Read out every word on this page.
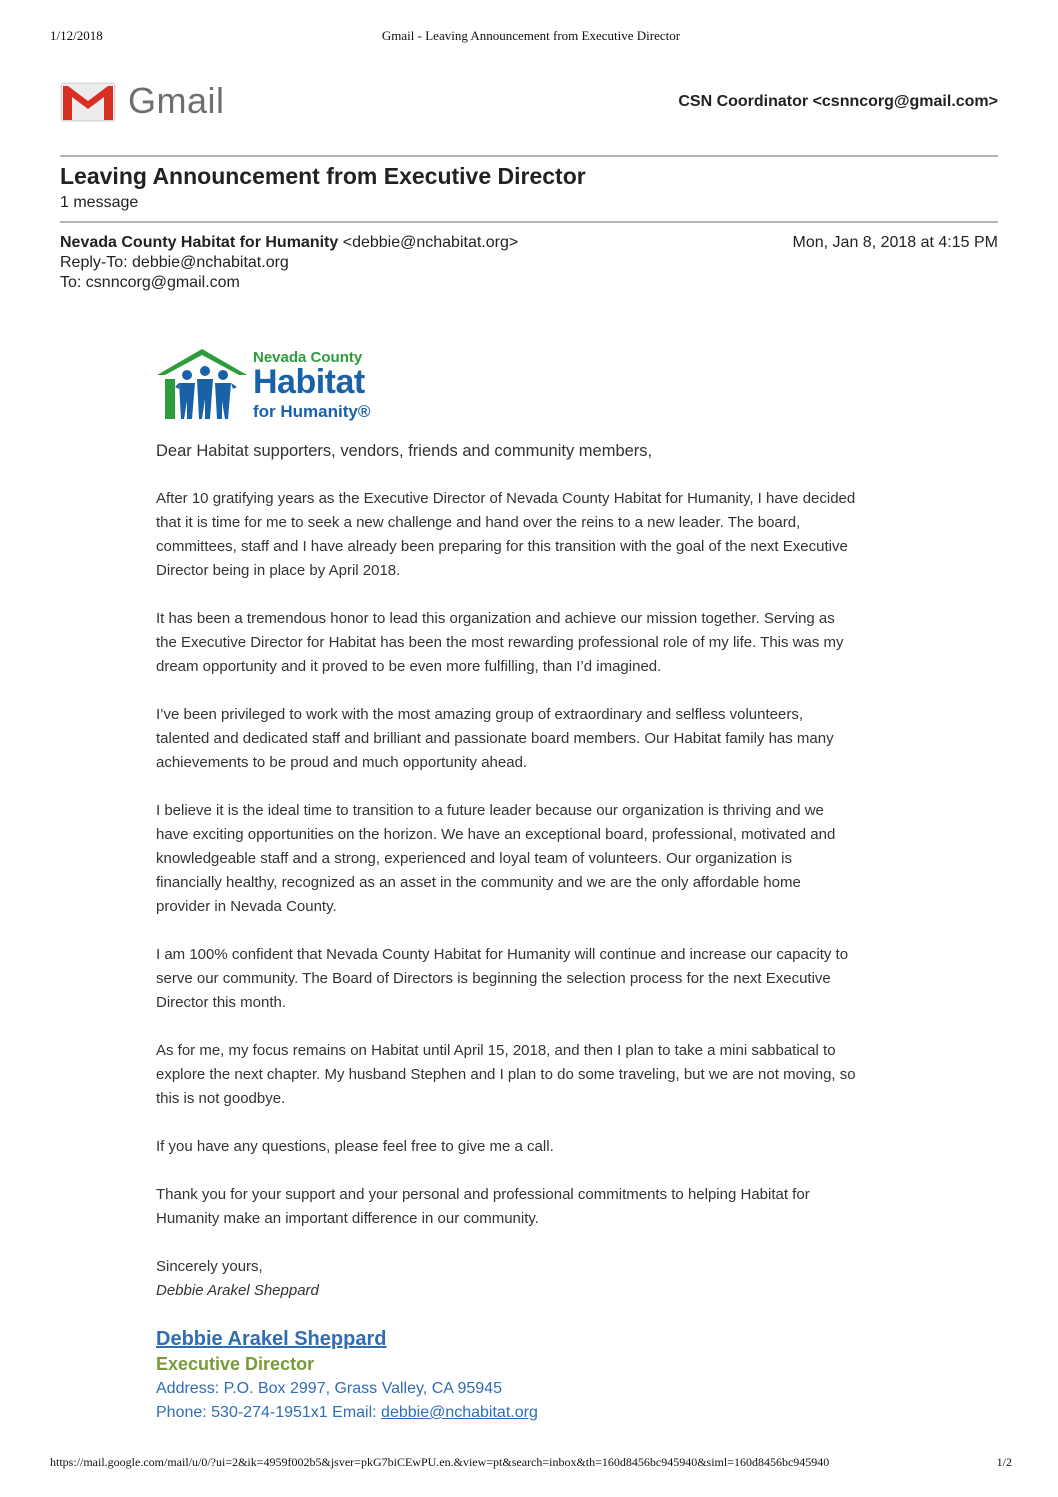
1/12/2018	Gmail - Leaving Announcement from Executive Director
Gmail	CSN Coordinator <csnncorg@gmail.com>
Leaving Announcement from Executive Director
1 message
Nevada County Habitat for Humanity <debbie@nchabitat.org>	Mon, Jan 8, 2018 at 4:15 PM
Reply-To: debbie@nchabitat.org
To: csnncorg@gmail.com
Nevada County
Habitat
for Humanity®
Dear Habitat supporters, vendors, friends and community members,
After 10 gratifying years as the Executive Director of Nevada County Habitat for Humanity, I have decided
that it is time for me to seek a new challenge and hand over the reins to a new leader. The board,
committees, staff and I have already been preparing for this transition with the goal of the next Executive
Director being in place by April 2018.
It has been a tremendous honor to lead this organization and achieve our mission together. Serving as
the Executive Director for Habitat has been the most rewarding professional role of my life. This was my
dream opportunity and it proved to be even more fulfilling, than I’d imagined.
I’ve been privileged to work with the most amazing group of extraordinary and selfless volunteers,
talented and dedicated staff and brilliant and passionate board members. Our Habitat family has many
achievements to be proud and much opportunity ahead.
I believe it is the ideal time to transition to a future leader because our organization is thriving and we
have exciting opportunities on the horizon. We have an exceptional board, professional, motivated and
knowledgeable staff and a strong, experienced and loyal team of volunteers. Our organization is
financially healthy, recognized as an asset in the community and we are the only affordable home
provider in Nevada County.
I am 100% confident that Nevada County Habitat for Humanity will continue and increase our capacity to
serve our community. The Board of Directors is beginning the selection process for the next Executive
Director this month.
As for me, my focus remains on Habitat until April 15, 2018, and then I plan to take a mini sabbatical to
explore the next chapter. My husband Stephen and I plan to do some traveling, but we are not moving, so
this is not goodbye.
If you have any questions, please feel free to give me a call.
Thank you for your support and your personal and professional commitments to helping Habitat for
Humanity make an important difference in our community.
Sincerely yours,
Debbie Arakel Sheppard
Debbie Arakel Sheppard
Executive Director
Address: P.O. Box 2997, Grass Valley, CA 95945
Phone: 530-274-1951x1 Email: debbie@nchabitat.org
https://mail.google.com/mail/u/0/?ui=2&ik=4959f002b5&jsver=pkG7biCEwPU.en.&view=pt&search=inbox&th=160d8456bc945940&siml=160d8456bc945940	1/2
